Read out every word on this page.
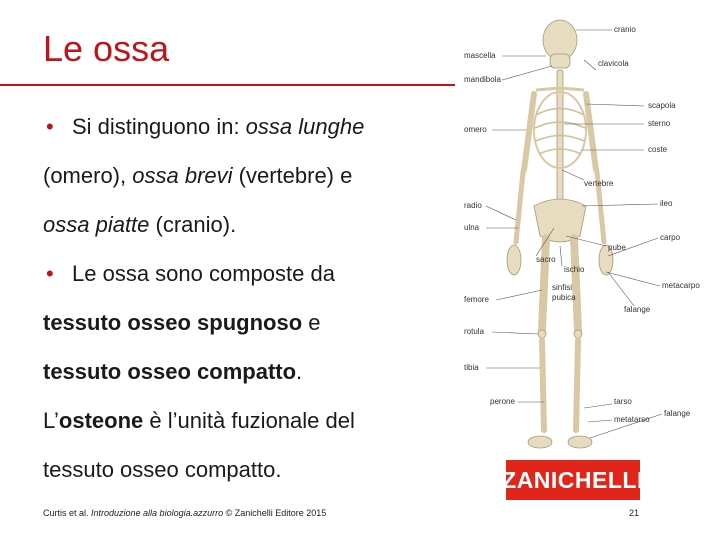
Le ossa
• Si distinguono in: ossa lunghe
(omero), ossa brevi (vertebre) e
ossa piatte (cranio).
• Le ossa sono composte da
tessuto osseo spugnoso e
tessuto osseo compatto.
L’osteone è l’unità fuzionale del
tessuto osseo compatto.
cranio
mascella
clavicola
mandibola
scapola
sterno
omero
coste
vertebre
radio	ileo
ulna
carpo
pube
sacro
ischio
sinfisi
pubica
metacarpo
femore
falange
rotula
tibia
perone	tarso
metatarso
falange
ZANICHELLI
Curtis et al. Introduzione alla biologia.azzurro © Zanichelli Editore 2015	21
